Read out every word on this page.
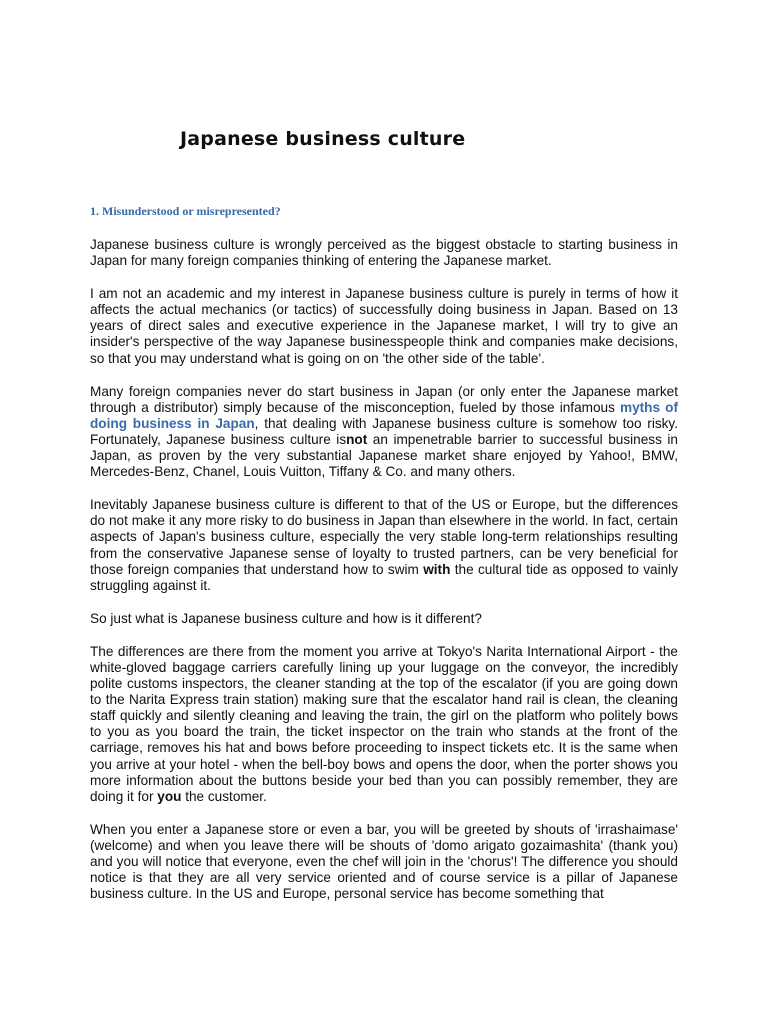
Japanese business culture
1. Misunderstood or misrepresented?

Japanese business culture is wrongly perceived as the biggest obstacle to starting business in Japan for many foreign companies thinking of entering the Japanese market.

I am not an academic and my interest in Japanese business culture is purely in terms of how it affects the actual mechanics (or tactics) of successfully doing business in Japan. Based on 13 years of direct sales and executive experience in the Japanese market, I will try to give an insider's perspective of the way Japanese businesspeople think and companies make decisions, so that you may understand what is going on on 'the other side of the table'.

Many foreign companies never do start business in Japan (or only enter the Japanese market through a distributor) simply because of the misconception, fueled by those infamous myths of doing business in Japan, that dealing with Japanese business culture is somehow too risky. Fortunately, Japanese business culture isnot an impenetrable barrier to successful business in Japan, as proven by the very substantial Japanese market share enjoyed by Yahoo!, BMW, Mercedes-Benz, Chanel, Louis Vuitton, Tiffany & Co. and many others.

Inevitably Japanese business culture is different to that of the US or Europe, but the differences do not make it any more risky to do business in Japan than elsewhere in the world. In fact, certain aspects of Japan's business culture, especially the very stable long-term relationships resulting from the conservative Japanese sense of loyalty to trusted partners, can be very beneficial for those foreign companies that understand how to swim with the cultural tide as opposed to vainly struggling against it.

So just what is Japanese business culture and how is it different?

The differences are there from the moment you arrive at Tokyo's Narita International Airport - the white-gloved baggage carriers carefully lining up your luggage on the conveyor, the incredibly polite customs inspectors, the cleaner standing at the top of the escalator (if you are going down to the Narita Express train station) making sure that the escalator hand rail is clean, the cleaning staff quickly and silently cleaning and leaving the train, the girl on the platform who politely bows to you as you board the train, the ticket inspector on the train who stands at the front of the carriage, removes his hat and bows before proceeding to inspect tickets etc. It is the same when you arrive at your hotel - when the bell-boy bows and opens the door, when the porter shows you more information about the buttons beside your bed than you can possibly remember, they are doing it for you the customer.

When you enter a Japanese store or even a bar, you will be greeted by shouts of 'irrashaimase' (welcome) and when you leave there will be shouts of 'domo arigato gozaimashita' (thank you) and you will notice that everyone, even the chef will join in the 'chorus'! The difference you should notice is that they are all very service oriented and of course service is a pillar of Japanese business culture. In the US and Europe, personal service has become something that
